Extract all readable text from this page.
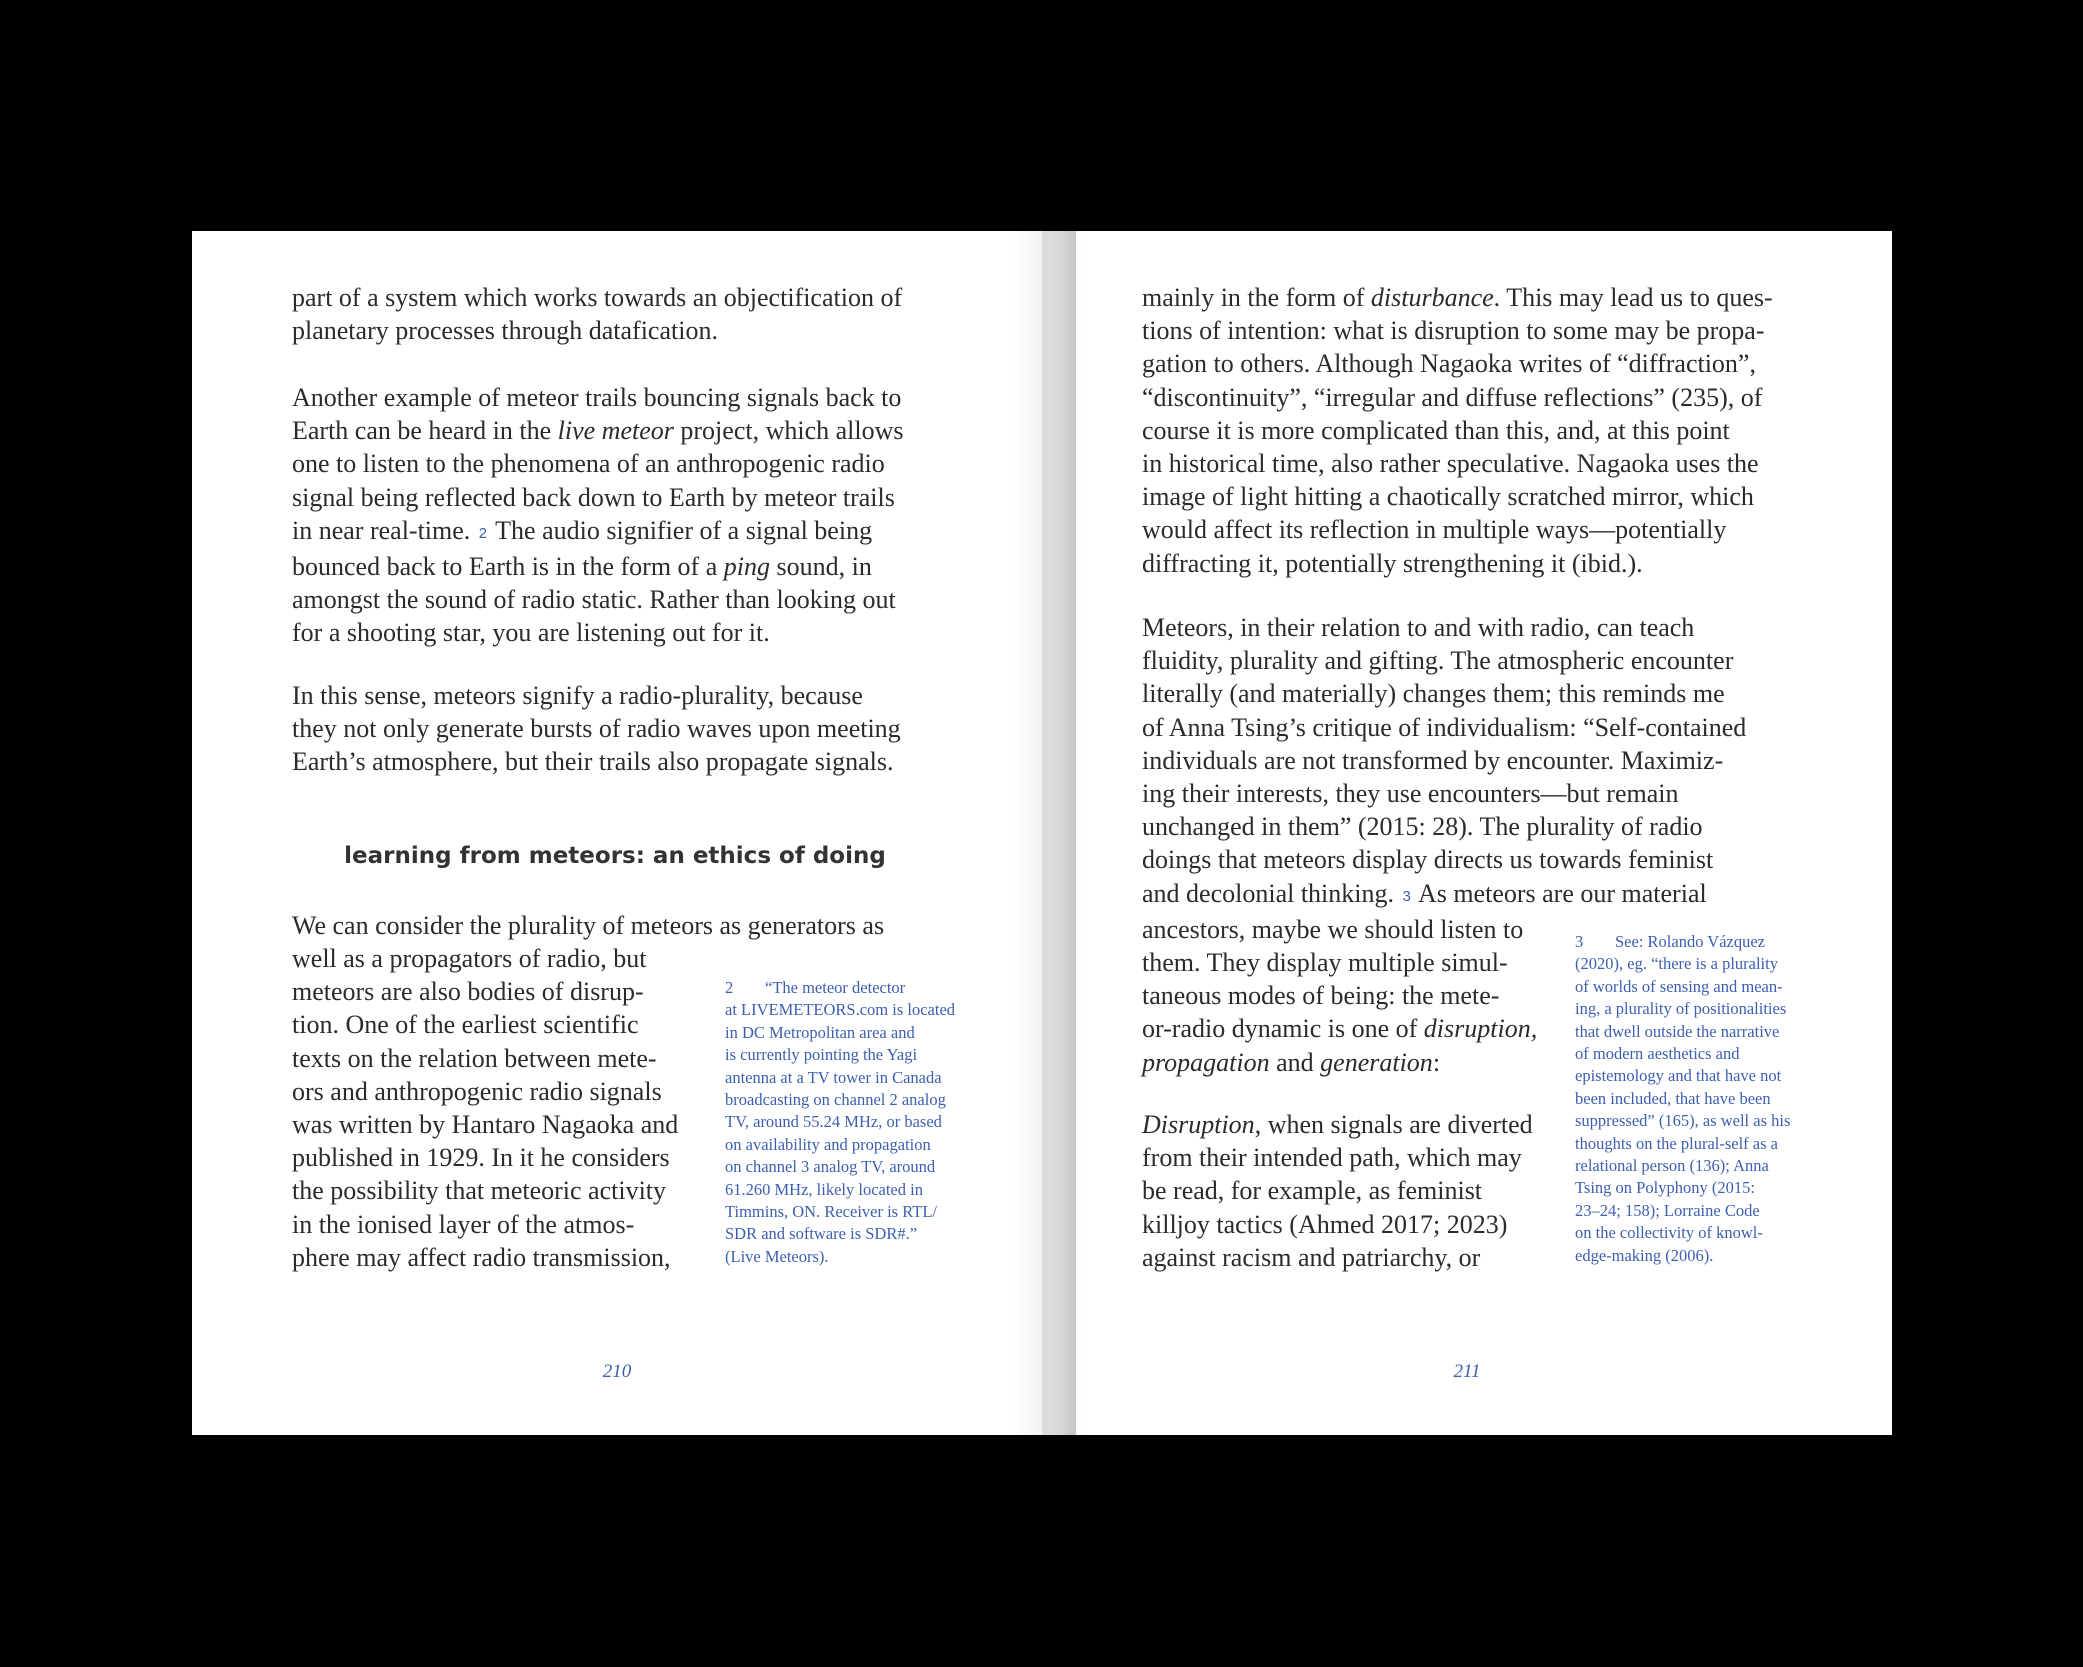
part of a system which works towards an objectification of
planetary processes through datafication.

Another example of meteor trails bouncing signals back to
Earth can be heard in the live meteor project, which allows
one to listen to the phenomena of an anthropogenic radio
signal being reflected back down to Earth by meteor trails
in near real-time. 2 The audio signifier of a signal being
bounced back to Earth is in the form of a ping sound, in
amongst the sound of radio static. Rather than looking out
for a shooting star, you are listening out for it.

In this sense, meteors signify a radio-plurality, because
they not only generate bursts of radio waves upon meeting
Earth’s atmosphere, but their trails also propagate signals.

learning from meteors: an ethics of doing

We can consider the plurality of meteors as generators as

well as a propagators of radio, but
meteors are also bodies of disrup-
tion. One of the earliest scientific
texts on the relation between mete-
ors and anthropogenic radio signals
was written by Hantaro Nagaoka and
published in 1929. In it he considers
the possibility that meteoric activity
in the ionised layer of the atmos-
phere may affect radio transmission,

2 “The meteor detector
at LIVEMETEORS.com is located
in DC Metropolitan area and
is currently pointing the Yagi
antenna at a TV tower in Canada
broadcasting on channel 2 analog
TV, around 55.24 MHz, or based
on availability and propagation
on channel 3 analog TV, around
61.260 MHz, likely located in
Timmins, ON. Receiver is RTL/
SDR and software is SDR#.”
(Live Meteors).

210

mainly in the form of disturbance. This may lead us to ques-
tions of intention: what is disruption to some may be propa-
gation to others. Although Nagaoka writes of “diffraction”,
“discontinuity”, “irregular and diffuse reflections” (235), of
course it is more complicated than this, and, at this point
in historical time, also rather speculative. Nagaoka uses the
image of light hitting a chaotically scratched mirror, which
would affect its reflection in multiple ways—potentially
diffracting it, potentially strengthening it (ibid.).

Meteors, in their relation to and with radio, can teach
fluidity, plurality and gifting. The atmospheric encounter
literally (and materially) changes them; this reminds me
of Anna Tsing’s critique of individualism: “Self-contained
individuals are not transformed by encounter. Maximiz-
ing their interests, they use encounters—but remain
unchanged in them” (2015: 28). The plurality of radio
doings that meteors display directs us towards feminist
and decolonial thinking. 3 As meteors are our material
ancestors, maybe we should listen to
them. They display multiple simul-
taneous modes of being: the mete-
or-radio dynamic is one of disruption,
propagation and generation:

Disruption, when signals are diverted
from their intended path, which may
be read, for example, as feminist
killjoy tactics (Ahmed 2017; 2023)
against racism and patriarchy, or

3 See: Rolando Vázquez
(2020), eg. “there is a plurality
of worlds of sensing and mean-
ing, a plurality of positionalities
that dwell outside the narrative
of modern aesthetics and
epistemology and that have not
been included, that have been
suppressed” (165), as well as his
thoughts on the plural-self as a
relational person (136); Anna
Tsing on Polyphony (2015:
23–24; 158); Lorraine Code
on the collectivity of knowl-
edge-making (2006).

211
